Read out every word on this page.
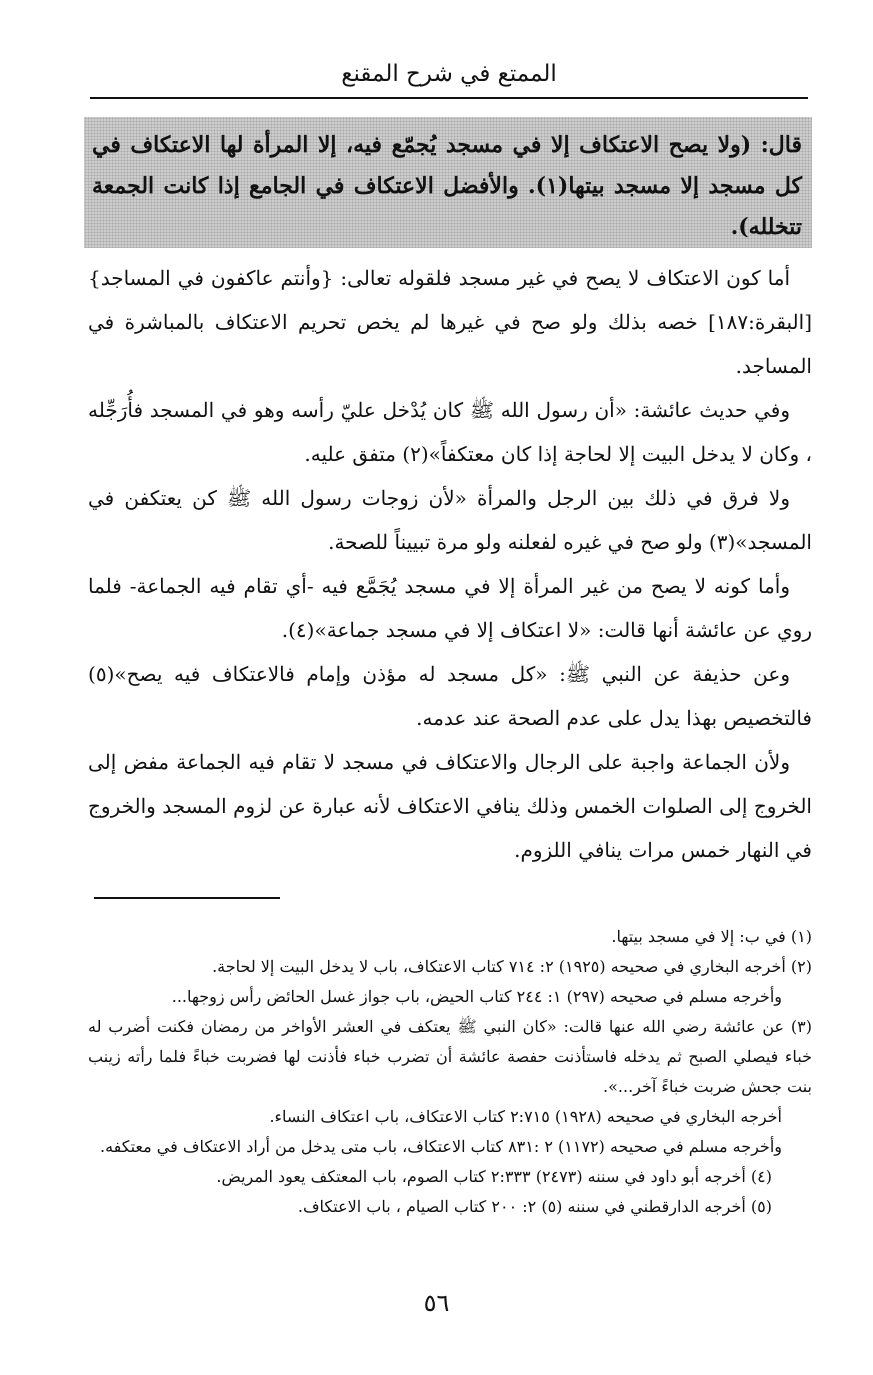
الممتع في شرح المقنع
قال: (ولا يصح الاعتكاف إلا في مسجد يُجمّع فيه، إلا المرأة لها الاعتكاف في كل مسجد إلا مسجد بيتها(١). والأفضل الاعتكاف في الجامع إذا كانت الجمعة تتخلله).

أما كون الاعتكاف لا يصح في غير مسجد فلقوله تعالى: {وأنتم عاكفون في المساجد} [البقرة:١٨٧] خصه بذلك ولو صح في غيرها لم يخص تحريم الاعتكاف بالمباشرة في المساجد.

وفي حديث عائشة: «أن رسول الله ﷺ كان يُدْخل عليّ رأسه وهو في المسجد فأُرَجِّله ، وكان لا يدخل البيت إلا لحاجة إذا كان معتكفاً»(٢) متفق عليه.

ولا فرق في ذلك بين الرجل والمرأة «لأن زوجات رسول الله ﷺ كن يعتكفن في المسجد»(٣) ولو صح في غيره لفعلنه ولو مرة تبييناً للصحة.

وأما كونه لا يصح من غير المرأة إلا في مسجد يُجَمَّع فيه -أي تقام فيه الجماعة- فلما روي عن عائشة أنها قالت: «لا اعتكاف إلا في مسجد جماعة»(٤).

وعن حذيفة عن النبي ﷺ: «كل مسجد له مؤذن وإمام فالاعتكاف فيه يصح»(٥) فالتخصيص بهذا يدل على عدم الصحة عند عدمه.

ولأن الجماعة واجبة على الرجال والاعتكاف في مسجد لا تقام فيه الجماعة مفض إلى الخروج إلى الصلوات الخمس وذلك ينافي الاعتكاف لأنه عبارة عن لزوم المسجد والخروج في النهار خمس مرات ينافي اللزوم.

(١) في ب: إلا في مسجد بيتها.

(٢) أخرجه البخاري في صحيحه (١٩٢٥) ٢: ٧١٤ كتاب الاعتكاف، باب لا يدخل البيت إلا لحاجة.

وأخرجه مسلم في صحيحه (٢٩٧) ١: ٢٤٤ كتاب الحيض، باب جواز غسل الحائض رأس زوجها...

(٣) عن عائشة رضي الله عنها قالت: «كان النبي ﷺ يعتكف في العشر الأواخر من رمضان فكنت أضرب له خباء فيصلي الصبح ثم يدخله فاستأذنت حفصة عائشة أن تضرب خباء فأذنت لها فضربت خباءً فلما رأته زينب بنت جحش ضربت خباءً آخر...».

أخرجه البخاري في صحيحه (١٩٢٨) ٢:٧١٥ كتاب الاعتكاف، باب اعتكاف النساء.

وأخرجه مسلم في صحيحه (١١٧٢) ٢ :٨٣١ كتاب الاعتكاف، باب متى يدخل من أراد الاعتكاف في معتكفه.

(٤) أخرجه أبو داود في سننه (٢٤٧٣) ٢:٣٣٣ كتاب الصوم، باب المعتكف يعود المريض.

(٥) أخرجه الدارقطني في سننه (٥) ٢: ٢٠٠ كتاب الصيام ، باب الاعتكاف.

٥٦
